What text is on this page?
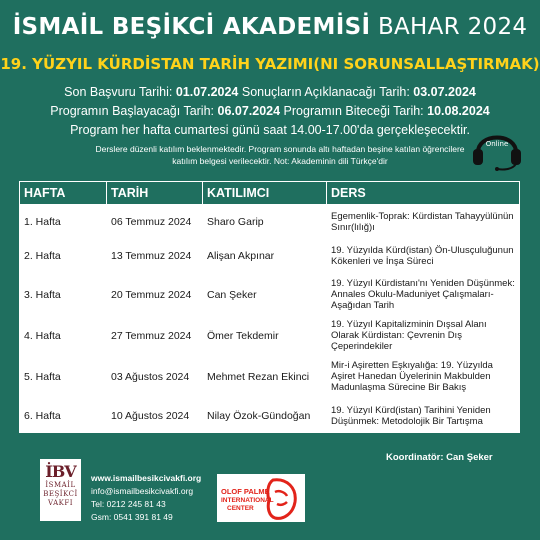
İSMAİL BEŞİKCİ AKADEMİSİ BAHAR 2024
19. YÜZYIL KÜRDİSTAN TARİH YAZIMI(NI SORUNSALLAŞTIRMAK)
Son Başvuru Tarihi: 01.07.2024 Sonuçların Açıklanacağı Tarih: 03.07.2024
Programın Başlayacağı Tarih: 06.07.2024 Programın Biteceği Tarih: 10.08.2024
Program her hafta cumartesi günü saat 14.00-17.00'da gerçekleşecektir.
Derslere düzenli katılım beklenmektedir. Program sonunda altı haftadan beşine katılan öğrencilere katılım belgesi verilecektir. Not: Akademinin dili Türkçe'dir
Online
HAFTA	TARİH	KATILIMCI	DERS
1. Hafta	06 Temmuz 2024	Sharo Garip	Egemenlik-Toprak: Kürdistan Tahayyülünün Sınır(lılığ)ı
2. Hafta	13 Temmuz 2024	Alişan Akpınar	19. Yüzyılda Kürd(istan) Ön-Ulusçuluğunun Kökenleri ve İnşa Süreci
3. Hafta	20 Temmuz 2024	Can Şeker	19. Yüzyıl Kürdistanı'nı Yeniden Düşünmek: Annales Okulu-Maduniyet Çalışmaları-Aşağıdan Tarih
4. Hafta	27 Temmuz 2024	Ömer Tekdemir	19. Yüzyıl Kapitalizminin Dışsal Alanı Olarak Kürdistan: Çevrenin Dış Çeperindekiler
5. Hafta	03 Ağustos 2024	Mehmet Rezan Ekinci	Mir-i Aşiretten Eşkıyalığa: 19. Yüzyılda Aşiret Hanedan Üyelerinin Makbulden Madunlaşma Sürecine Bir Bakış
6. Hafta	10 Ağustos 2024	Nilay Özok-Gündoğan	19. Yüzyıl Kürd(istan) Tarihini Yeniden Düşünmek: Metodolojik Bir Tartışma
Koordinatör: Can Şeker
İBV
İSMAİL
BEŞİKCİ
VAKFI
www.ismailbesikcivakfi.org
info@ismailbesikcivakfi.org
Tel: 0212 245 81 43
Gsm: 0541 391 81 49
OLOF PALME
INTERNATIONAL
CENTER
